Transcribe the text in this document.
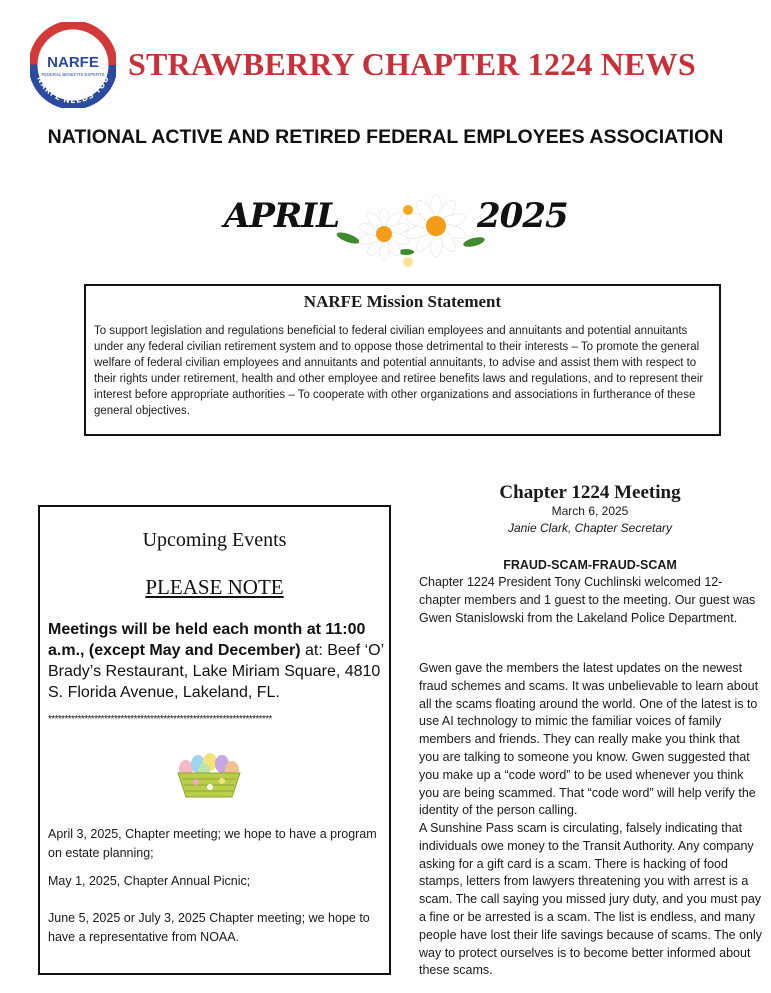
YOU NEED NARFE
NARFE NEEDS YOU
NARFE
FEDERAL BENEFITS EXPERTS STRAWBERRY CHAPTER 1224 NEWS
NATIONAL ACTIVE AND RETIRED FEDERAL EMPLOYEES ASSOCIATION
APRIL	2025
NARFE Mission Statement
To support legislation and regulations beneficial to federal civilian employees and annuitants and potential annuitants under any federal civilian retirement system and to oppose those detrimental to their interests – To promote the general welfare of federal civilian employees and annuitants and potential annuitants, to advise and assist them with respect to their rights under retirement, health and other employee and retiree benefits laws and regulations, and to represent their interest before appropriate authorities – To cooperate with other organizations and associations in furtherance of these general objectives.
Upcoming Events
PLEASE NOTE
Meetings will be held each month at 11:00 a.m., (except May and December) at: Beef ‘O’ Brady’s Restaurant, Lake Miriam Square, 4810 S. Florida Avenue, Lakeland, FL.
********************************************************************
April 3, 2025, Chapter meeting; we hope to have a program on estate planning;
May 1, 2025, Chapter Annual Picnic;
June 5, 2025 or July 3, 2025 Chapter meeting; we hope to have a representative from NOAA.
Chapter 1224 Meeting
March 6, 2025
Janie Clark, Chapter Secretary
FRAUD-SCAM-FRAUD-SCAM
Chapter 1224 President Tony Cuchlinski welcomed 12-chapter members and 1 guest to the meeting. Our guest was Gwen Stanislowski from the Lakeland Police Department.
Gwen gave the members the latest updates on the newest fraud schemes and scams. It was unbelievable to learn about all the scams floating around the world. One of the latest is to use AI technology to mimic the familiar voices of family members and friends. They can really make you think that you are talking to someone you know. Gwen suggested that you make up a “code word” to be used whenever you think you are being scammed. That “code word” will help verify the identity of the person calling.
A Sunshine Pass scam is circulating, falsely indicating that individuals owe money to the Transit Authority. Any company asking for a gift card is a scam. There is hacking of food stamps, letters from lawyers threatening you with arrest is a scam. The call saying you missed jury duty, and you must pay a fine or be arrested is a scam. The list is endless, and many people have lost their life savings because of scams. The only way to protect ourselves is to become better informed about these scams.
